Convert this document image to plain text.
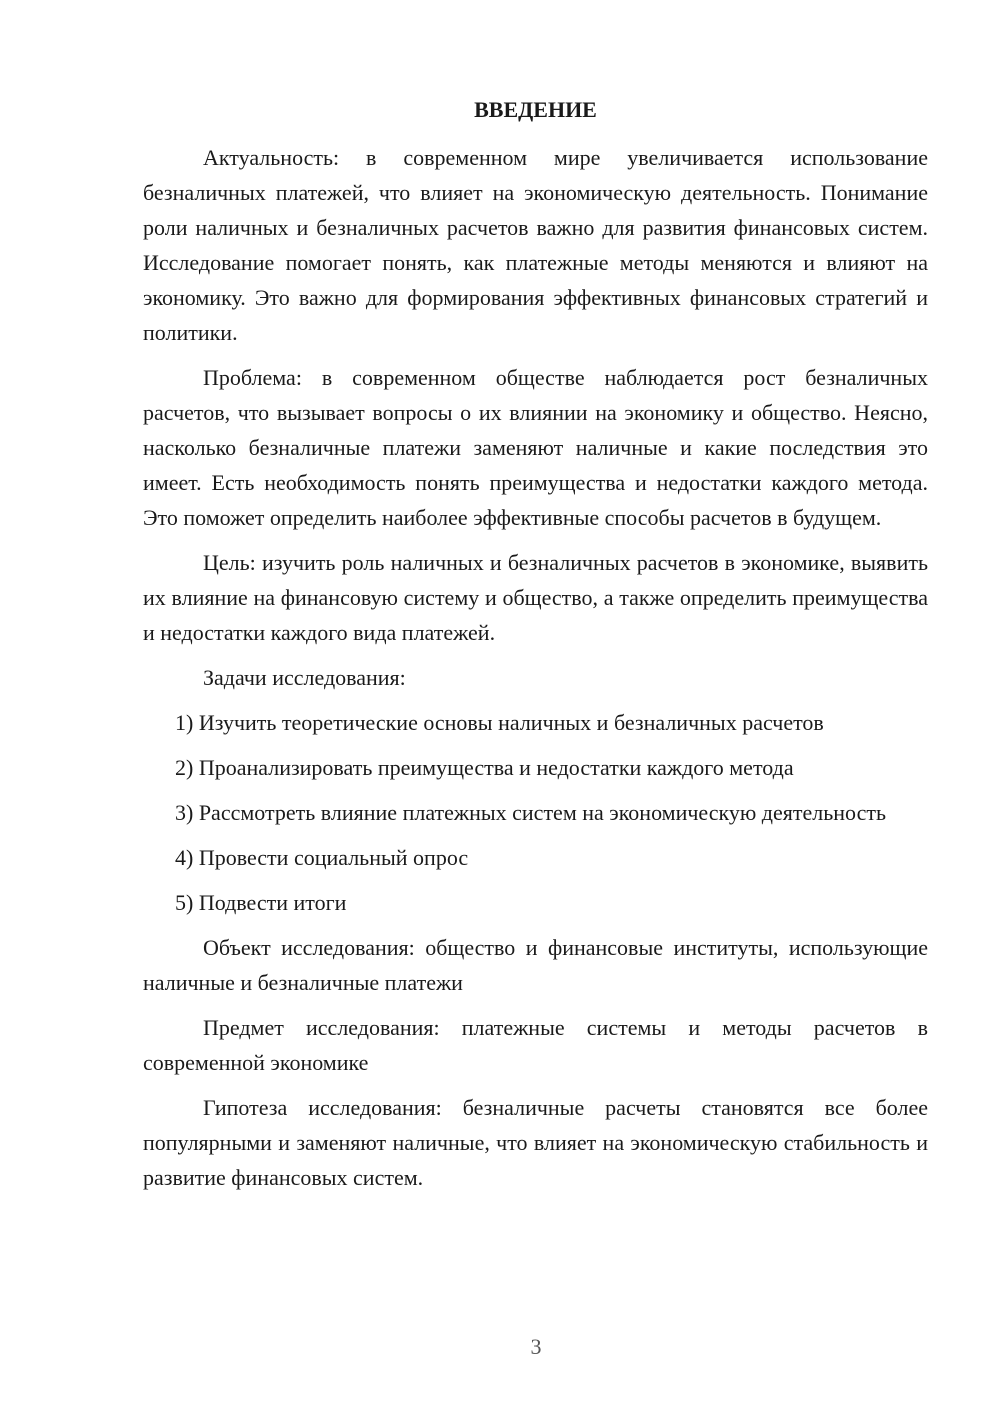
ВВЕДЕНИЕ

Актуальность: в современном мире увеличивается использование безналичных платежей, что влияет на экономическую деятельность. Понимание роли наличных и безналичных расчетов важно для развития финансовых систем. Исследование помогает понять, как платежные методы меняются и влияют на экономику. Это важно для формирования эффективных финансовых стратегий и политики.

Проблема: в современном обществе наблюдается рост безналичных расчетов, что вызывает вопросы о их влиянии на экономику и общество. Неясно, насколько безналичные платежи заменяют наличные и какие последствия это имеет. Есть необходимость понять преимущества и недостатки каждого метода. Это поможет определить наиболее эффективные способы расчетов в будущем.

Цель: изучить роль наличных и безналичных расчетов в экономике, выявить их влияние на финансовую систему и общество, а также определить преимущества и недостатки каждого вида платежей.

Задачи исследования:

1) Изучить теоретические основы наличных и безналичных расчетов

2) Проанализировать преимущества и недостатки каждого метода

3) Рассмотреть влияние платежных систем на экономическую деятельность

4) Провести социальный опрос

5) Подвести итоги

Объект исследования: общество и финансовые институты, использующие наличные и безналичные платежи

Предмет исследования: платежные системы и методы расчетов в современной экономике

Гипотеза исследования: безналичные расчеты становятся все более популярными и заменяют наличные, что влияет на экономическую стабильность и развитие финансовых систем.

3
